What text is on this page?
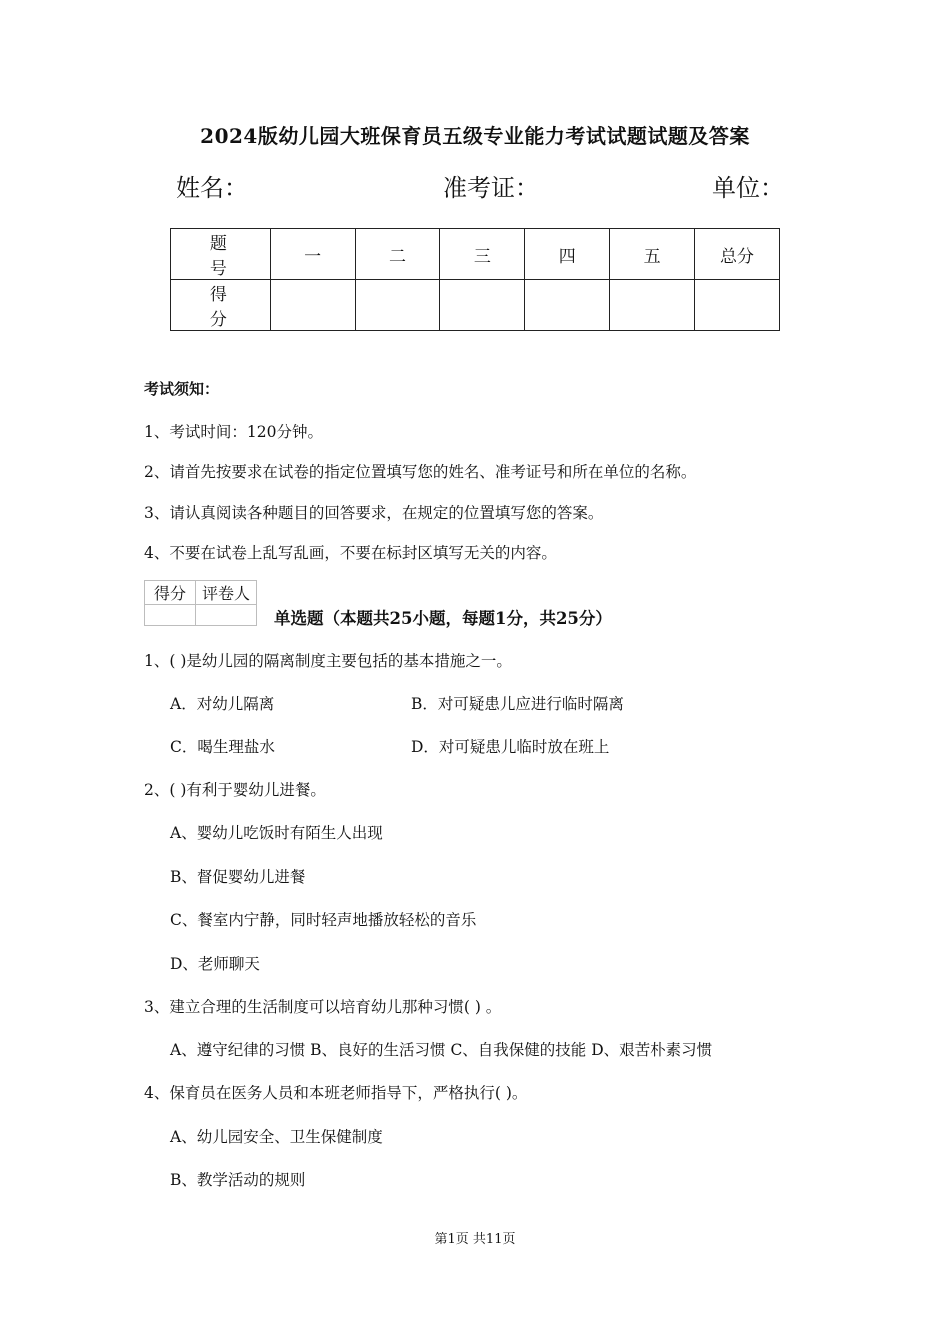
2024版幼儿园大班保育员五级专业能力考试试题试题及答案
姓名：	准考证：	单位：
题 号	一	二	三	四	五	总分
得 分						
考试须知：
1、考试时间：120分钟。
2、请首先按要求在试卷的指定位置填写您的姓名、准考证号和所在单位的名称。
3、请认真阅读各种题目的回答要求，在规定的位置填写您的答案。
4、不要在试卷上乱写乱画，不要在标封区填写无关的内容。
得分	评卷人

单选题（本题共25小题，每题1分，共25分）
1、( )是幼儿园的隔离制度主要包括的基本措施之一。
A．对幼儿隔离	B．对可疑患儿应进行临时隔离
C．喝生理盐水	D．对可疑患儿临时放在班上
2、( )有利于婴幼儿进餐。
A、婴幼儿吃饭时有陌生人出现
B、督促婴幼儿进餐
C、餐室内宁静，同时轻声地播放轻松的音乐
D、老师聊天
3、建立合理的生活制度可以培育幼儿那种习惯( ) 。
A、遵守纪律的习惯 B、良好的生活习惯 C、自我保健的技能 D、艰苦朴素习惯
4、保育员在医务人员和本班老师指导下，严格执行( )。
A、幼儿园安全、卫生保健制度
B、教学活动的规则
第1页 共11页
